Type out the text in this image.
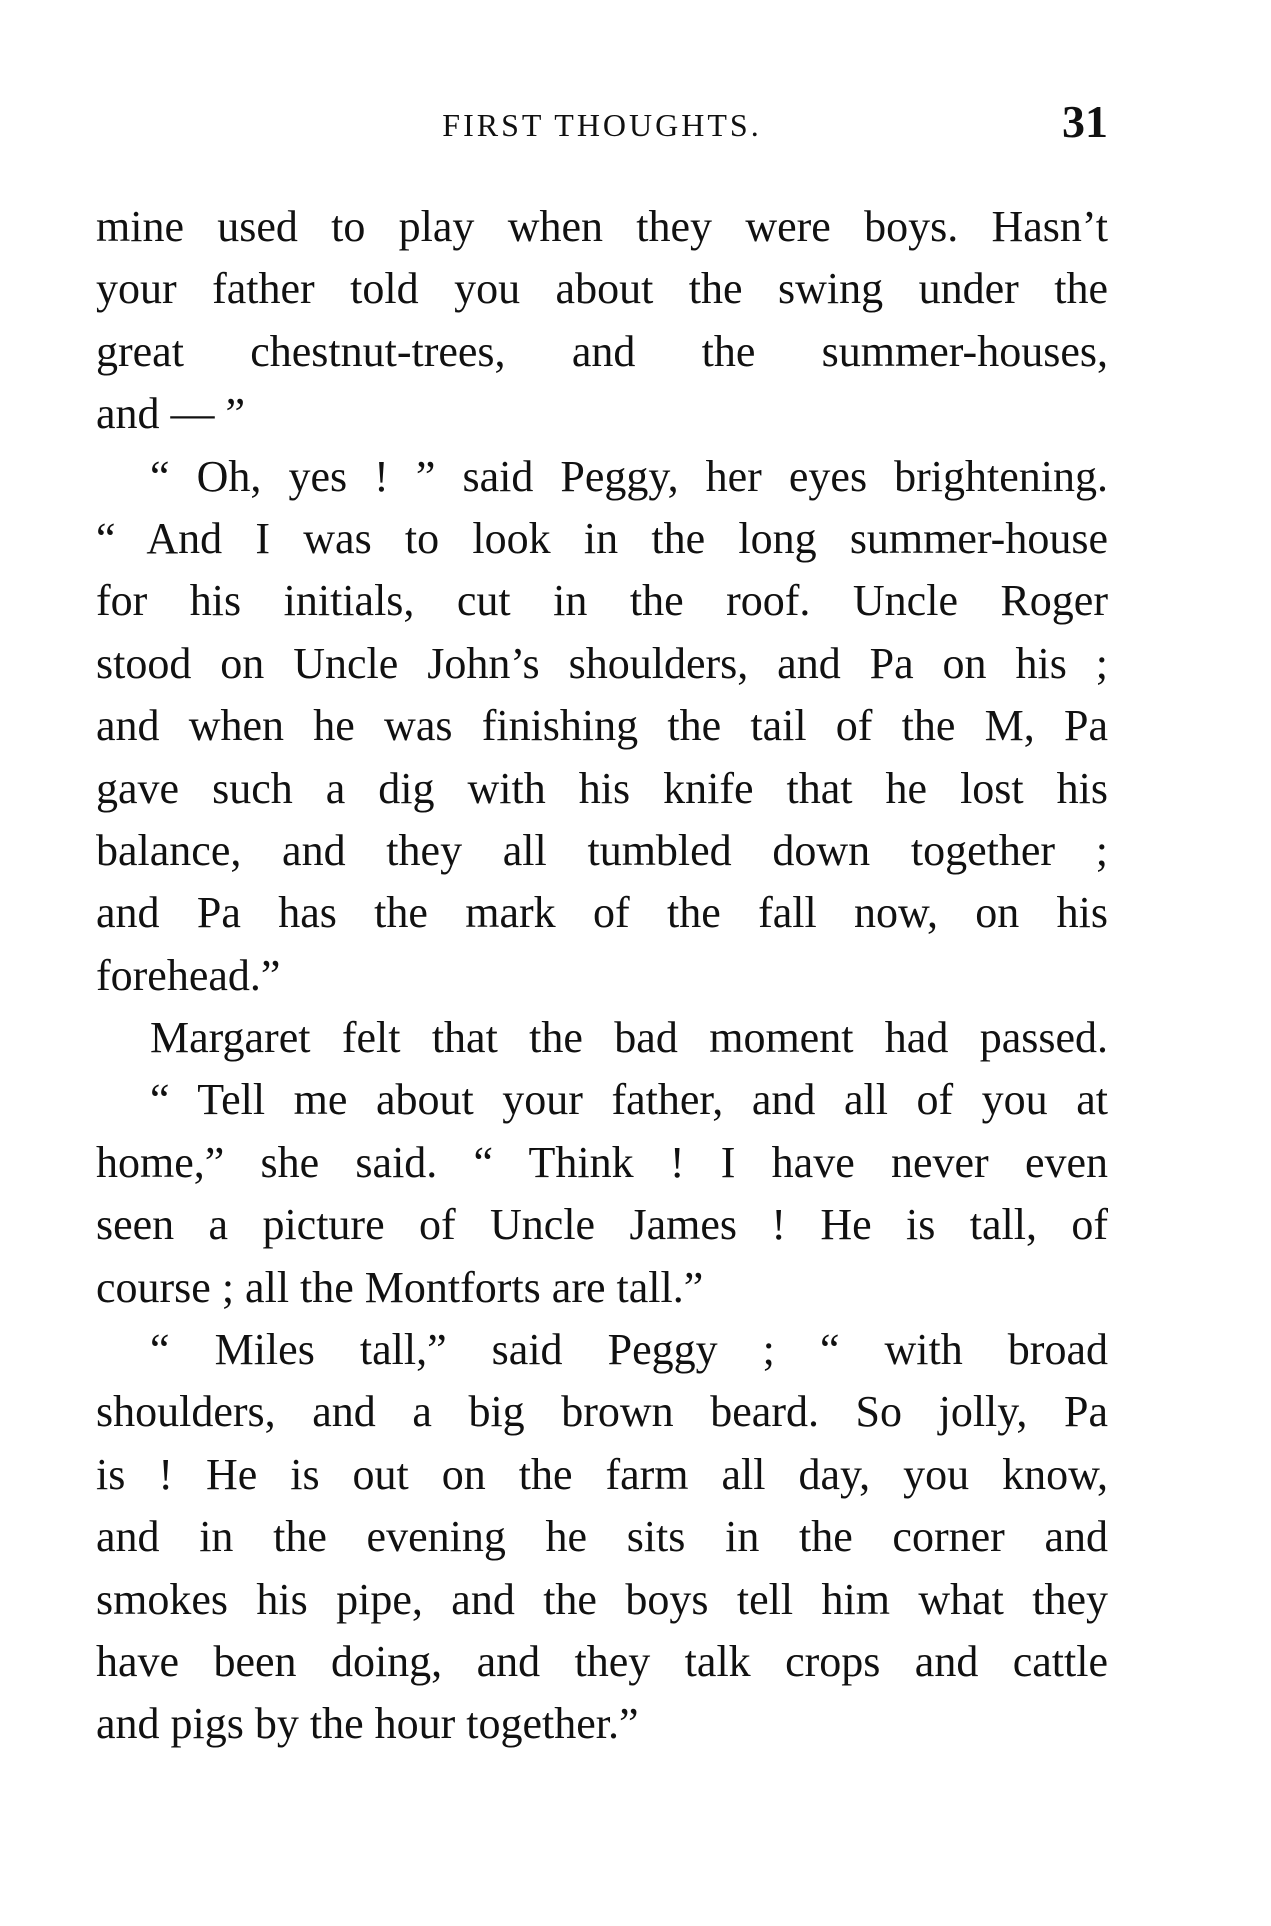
FIRST THOUGHTS.	31
mine used to play when they were boys. Hasn’t
your father told you about the swing under the
great chestnut-trees, and the summer-houses,
and — ”
“ Oh, yes ! ” said Peggy, her eyes brightening.
“ And I was to look in the long summer-house
for his initials, cut in the roof. Uncle Roger
stood on Uncle John’s shoulders, and Pa on his ;
and when he was finishing the tail of the M, Pa
gave such a dig with his knife that he lost his
balance, and they all tumbled down together ;
and Pa has the mark of the fall now, on his
forehead.”
Margaret felt that the bad moment had passed.
“ Tell me about your father, and all of you at
home,” she said. “ Think ! I have never even
seen a picture of Uncle James ! He is tall, of
course ; all the Montforts are tall.”
“ Miles tall,” said Peggy ; “ with broad
shoulders, and a big brown beard. So jolly, Pa
is ! He is out on the farm all day, you know,
and in the evening he sits in the corner and
smokes his pipe, and the boys tell him what they
have been doing, and they talk crops and cattle
and pigs by the hour together.”
